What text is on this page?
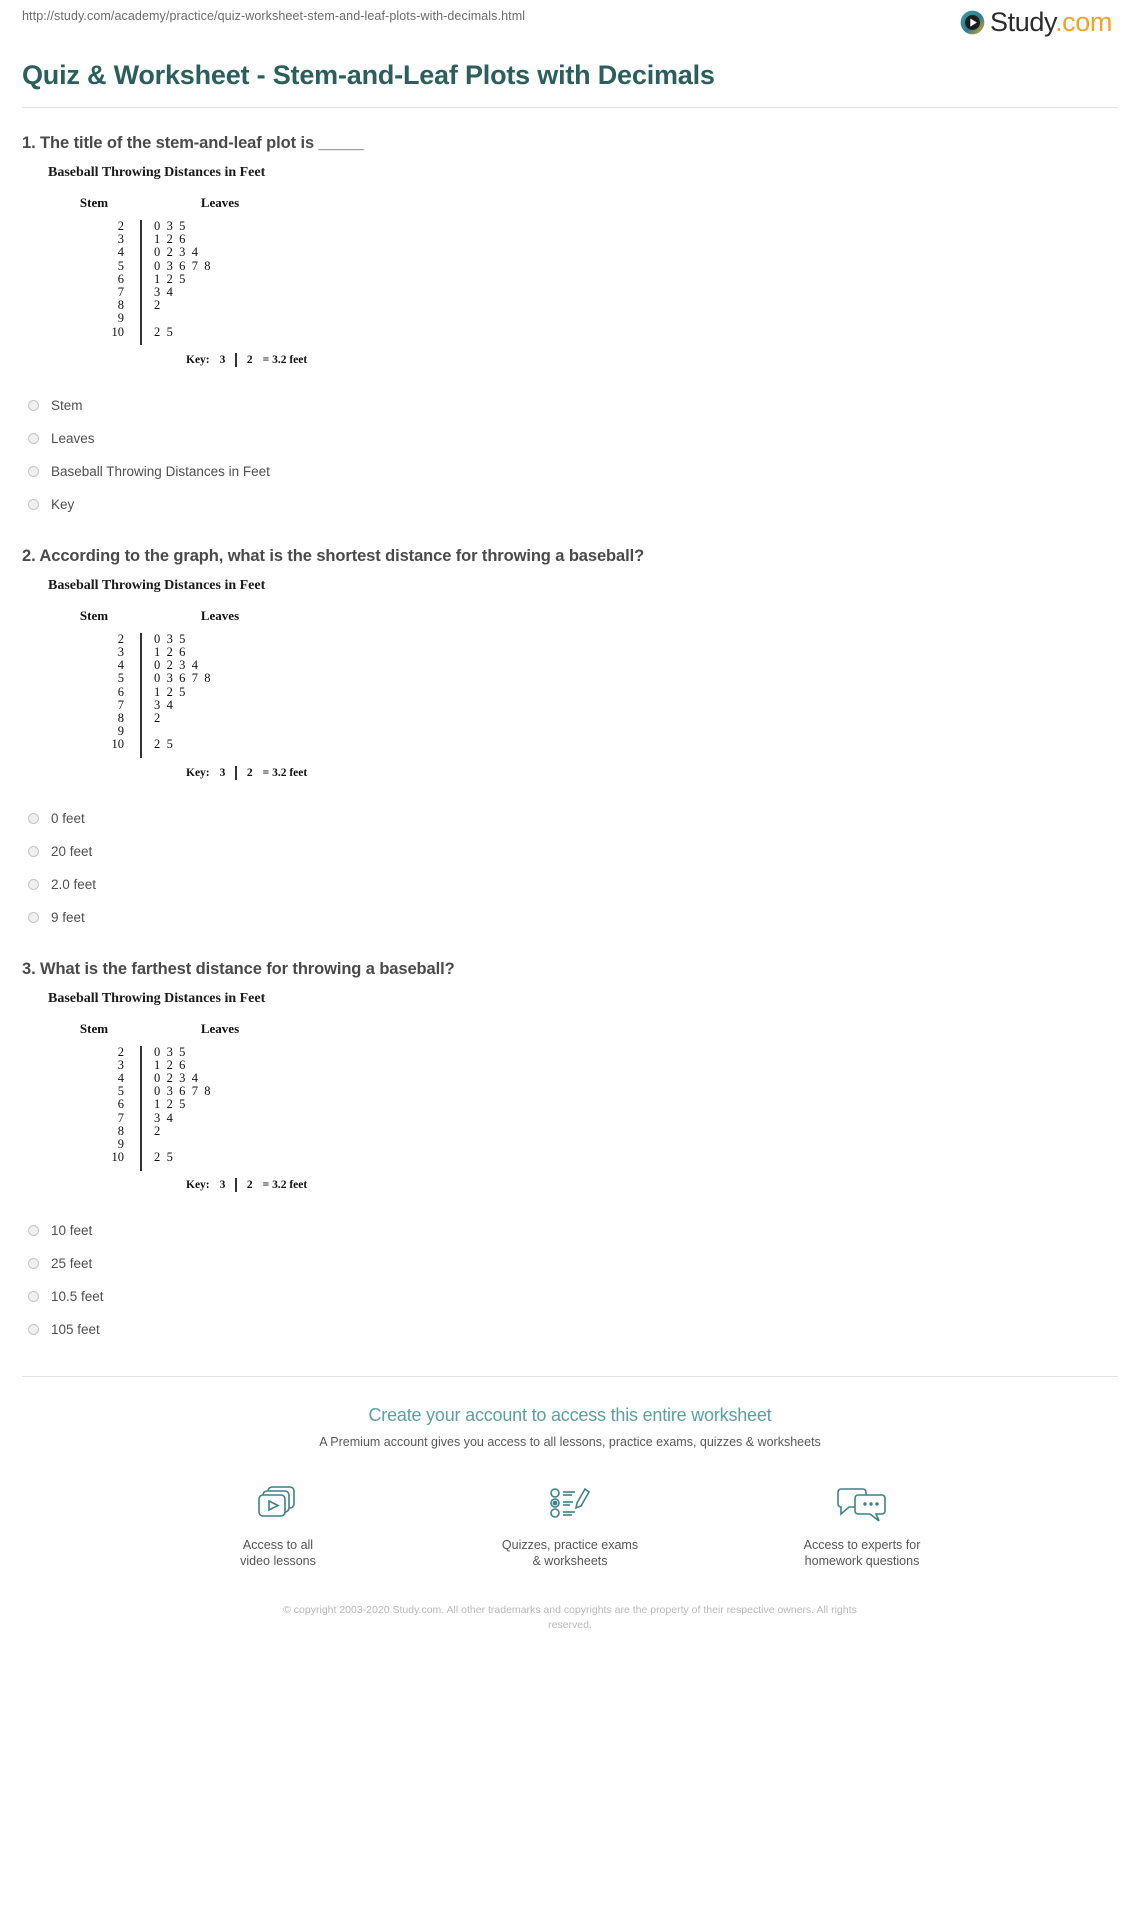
http://study.com/academy/practice/quiz-worksheet-stem-and-leaf-plots-with-decimals.html	Study.com
Quiz & Worksheet - Stem-and-Leaf Plots with Decimals
1. The title of the stem-and-leaf plot is _____
Baseball Throwing Distances in Feet
Stem	Leaves
2	0 3 5
3	1 2 6
4	0 2 3 4
5	0 3 6 7 8
6	1 2 5
7	3 4
8	2
9
10	2 5
Key: 3	2 = 3.2 feet
Stem
Leaves
Baseball Throwing Distances in Feet
Key
2. According to the graph, what is the shortest distance for throwing a baseball?
Baseball Throwing Distances in Feet
Stem	Leaves
2	0 3 5
3	1 2 6
4	0 2 3 4
5	0 3 6 7 8
6	1 2 5
7	3 4
8	2
9
10	2 5
Key: 3	2 = 3.2 feet
0 feet
20 feet
2.0 feet
9 feet
3. What is the farthest distance for throwing a baseball?
Baseball Throwing Distances in Feet
Stem	Leaves
2	0 3 5
3	1 2 6
4	0 2 3 4
5	0 3 6 7 8
6	1 2 5
7	3 4
8	2
9
10	2 5
Key: 3	2 = 3.2 feet
10 feet
25 feet
10.5 feet
105 feet
Create your account to access this entire worksheet
A Premium account gives you access to all lessons, practice exams, quizzes & worksheets
Access to all
video lessons
Quizzes, practice exams
& worksheets
Access to experts for
homework questions
© copyright 2003-2020 Study.com. All other trademarks and copyrights are the property of their respective owners. All rights reserved.
